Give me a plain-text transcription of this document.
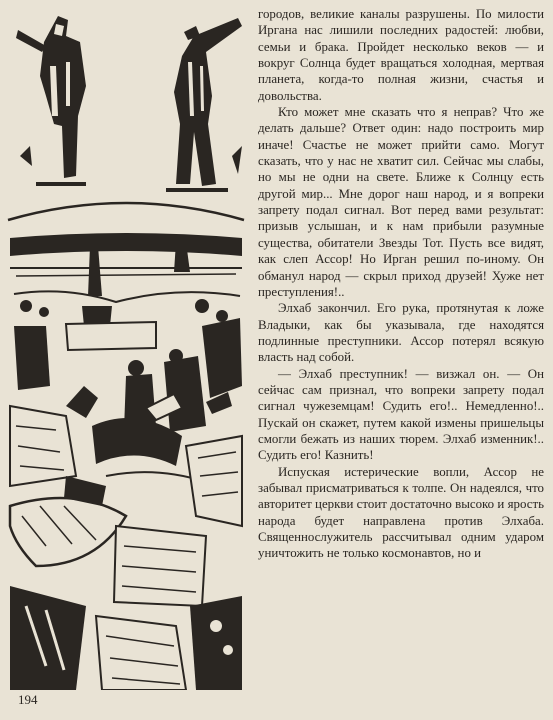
городов, великие каналы разрушены. По милости Иргана нас лишили последних радостей: любви, семьи и брака. Пройдет несколько веков — и вокруг Солнца будет вращаться холодная, мертвая планета, когда-то полная жизни, счастья и довольства.

Кто может мне сказать что я неправ? Что же делать дальше? Ответ один: надо построить мир иначе! Счастье не может прийти само. Могут сказать, что у нас не хватит сил. Сейчас мы слабы, но мы не одни на свете. Ближе к Солнцу есть другой мир... Мне дорог наш народ, и я вопреки запрету подал сигнал. Вот перед вами результат: призыв услышан, и к нам прибыли разумные существа, обитатели Звезды Тот. Пусть все видят, как слеп Ассор! Но Ирган решил по-иному. Он обманул народ — скрыл приход друзей! Хуже нет преступления!..

Элхаб закончил. Его рука, протянутая к ложе Владыки, как бы указывала, где находятся подлинные преступники. Ассор потерял всякую власть над собой.

— Элхаб преступник! — визжал он. — Он сейчас сам признал, что вопреки запрету подал сигнал чужеземцам! Судить его!.. Немедленно!.. Пускай он скажет, путем какой измены пришельцы смогли бежать из наших тюрем. Элхаб изменник!.. Судить его! Казнить!

Испуская истерические вопли, Ассор не забывал присматриваться к толпе. Он надеялся, что авторитет церкви стоит достаточно высоко и ярость народа будет направлена против Элхаба. Священнослужитель рассчитывал одним ударом уничтожить не только космонавтов, но и

194
